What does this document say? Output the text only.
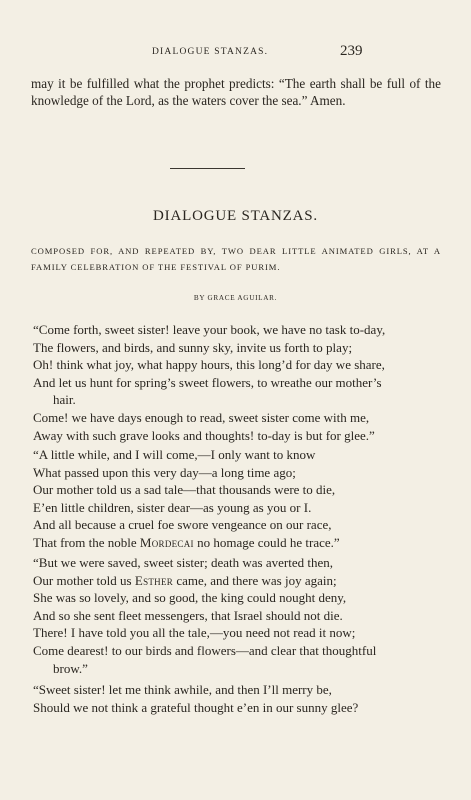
DIALOGUE STANZAS.	239
may it be fulfilled what the prophet predicts: “The earth shall be full of the knowledge of the Lord, as the waters cover the sea.” Amen.
DIALOGUE STANZAS.
COMPOSED FOR, AND REPEATED BY, TWO DEAR LITTLE ANIMATED GIRLS, AT A FAMILY CELEBRATION OF THE FESTIVAL OF PURIM.
BY GRACE AGUILAR.
“Come forth, sweet sister! leave your book, we have no task to-day,
The flowers, and birds, and sunny sky, invite us forth to play;
Oh! think what joy, what happy hours, this long’d for day we share,
And let us hunt for spring’s sweet flowers, to wreathe our mother’s
hair.
Come! we have days enough to read, sweet sister come with me,
Away with such grave looks and thoughts! to-day is but for glee.”
“A little while, and I will come,—I only want to know
What passed upon this very day—a long time ago;
Our mother told us a sad tale—that thousands were to die,
E’en little children, sister dear—as young as you or I.
And all because a cruel foe swore vengeance on our race,
That from the noble Mordecai no homage could he trace.”
“But we were saved, sweet sister; death was averted then,
Our mother told us Esther came, and there was joy again;
She was so lovely, and so good, the king could nought deny,
And so she sent fleet messengers, that Israel should not die.
There! I have told you all the tale,—you need not read it now;
Come dearest! to our birds and flowers—and clear that thoughtful
brow.”
“Sweet sister! let me think awhile, and then I’ll merry be,
Should we not think a grateful thought e’en in our sunny glee?
